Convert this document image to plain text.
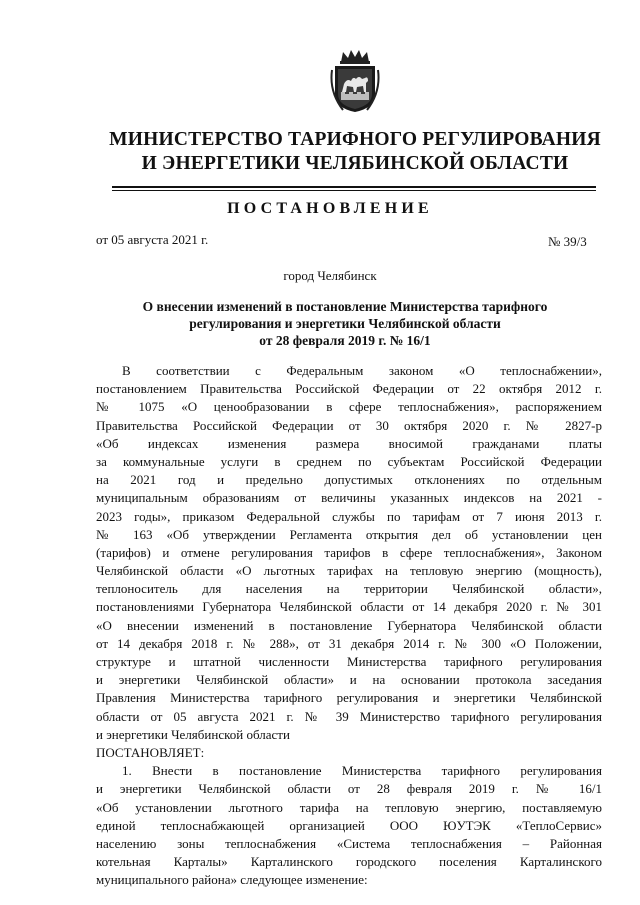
МИНИСТЕРСТВО ТАРИФНОГО РЕГУЛИРОВАНИЯ
И ЭНЕРГЕТИКИ ЧЕЛЯБИНСКОЙ ОБЛАСТИ
ПОСТАНОВЛЕНИЕ
от 05 августа 2021 г.	№ 39/3
город Челябинск
О внесении изменений в постановление Министерства тарифного
регулирования и энергетики Челябинской области
от 28 февраля 2019 г. № 16/1
В соответствии с Федеральным законом «О теплоснабжении»,
постановлением Правительства Российской Федерации от 22 октября 2012 г.
№ 1075 «О ценообразовании в сфере теплоснабжения», распоряжением
Правительства Российской Федерации от 30 октября 2020 г. № 2827-р
«Об индексах изменения размера вносимой гражданами платы
за коммунальные услуги в среднем по субъектам Российской Федерации
на 2021 год и предельно допустимых отклонениях по отдельным
муниципальным образованиям от величины указанных индексов на 2021 -
2023 годы», приказом Федеральной службы по тарифам от 7 июня 2013 г.
№ 163 «Об утверждении Регламента открытия дел об установлении цен
(тарифов) и отмене регулирования тарифов в сфере теплоснабжения», Законом
Челябинской области «О льготных тарифах на тепловую энергию (мощность),
теплоноситель для населения на территории Челябинской области»,
постановлениями Губернатора Челябинской области от 14 декабря 2020 г. № 301
«О внесении изменений в постановление Губернатора Челябинской области
от 14 декабря 2018 г. № 288», от 31 декабря 2014 г. № 300 «О Положении,
структуре и штатной численности Министерства тарифного регулирования
и энергетики Челябинской области» и на основании протокола заседания
Правления Министерства тарифного регулирования и энергетики Челябинской
области от 05 августа 2021 г. № 39 Министерство тарифного регулирования
и энергетики Челябинской области
ПОСТАНОВЛЯЕТ:
1. Внести в постановление Министерства тарифного регулирования
и энергетики Челябинской области от 28 февраля 2019 г. № 16/1
«Об установлении льготного тарифа на тепловую энергию, поставляемую
единой теплоснабжающей организацией ООО ЮУТЭК «ТеплоСервис»
населению зоны теплоснабжения «Система теплоснабжения – Районная
котельная Карталы» Карталинского городского поселения Карталинского
муниципального района» следующее изменение:
